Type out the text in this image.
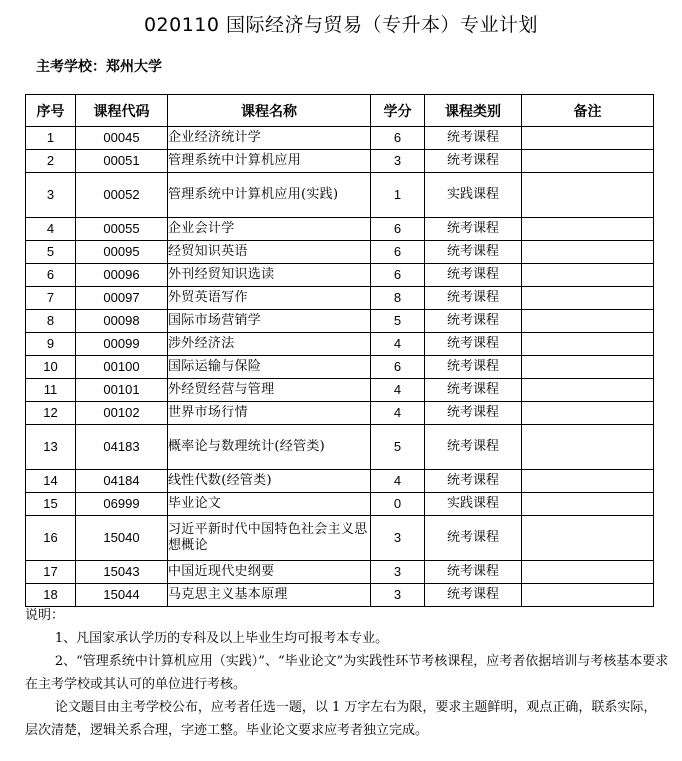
020110 国际经济与贸易（专升本）专业计划
主考学校：郑州大学
序号	课程代码	课程名称	学分	课程类别	备注
1	00045	企业经济统计学	6	统考课程	
2	00051	管理系统中计算机应用	3	统考课程	
3	00052	管理系统中计算机应用(实践)	1	实践课程	
4	00055	企业会计学	6	统考课程	
5	00095	经贸知识英语	6	统考课程	
6	00096	外刊经贸知识选读	6	统考课程	
7	00097	外贸英语写作	8	统考课程	
8	00098	国际市场营销学	5	统考课程	
9	00099	涉外经济法	4	统考课程	
10	00100	国际运输与保险	6	统考课程	
11	00101	外经贸经营与管理	4	统考课程	
12	00102	世界市场行情	4	统考课程	
13	04183	概率论与数理统计(经管类)	5	统考课程	
14	04184	线性代数(经管类)	4	统考课程	
15	06999	毕业论文	0	实践课程	
16	15040	习近平新时代中国特色社会主义思想概论	3	统考课程	
17	15043	中国近现代史纲要	3	统考课程	
18	15044	马克思主义基本原理	3	统考课程	

说明：

1、凡国家承认学历的专科及以上毕业生均可报考本专业。

2、“管理系统中计算机应用（实践）”、“毕业论文”为实践性环节考核课程，应考者依据培训与考核基本要求在主考学校或其认可的单位进行考核。

论文题目由主考学校公布，应考者任选一题，以 1 万字左右为限，要求主题鲜明，观点正确，联系实际，层次清楚，逻辑关系合理，字迹工整。毕业论文要求应考者独立完成。
